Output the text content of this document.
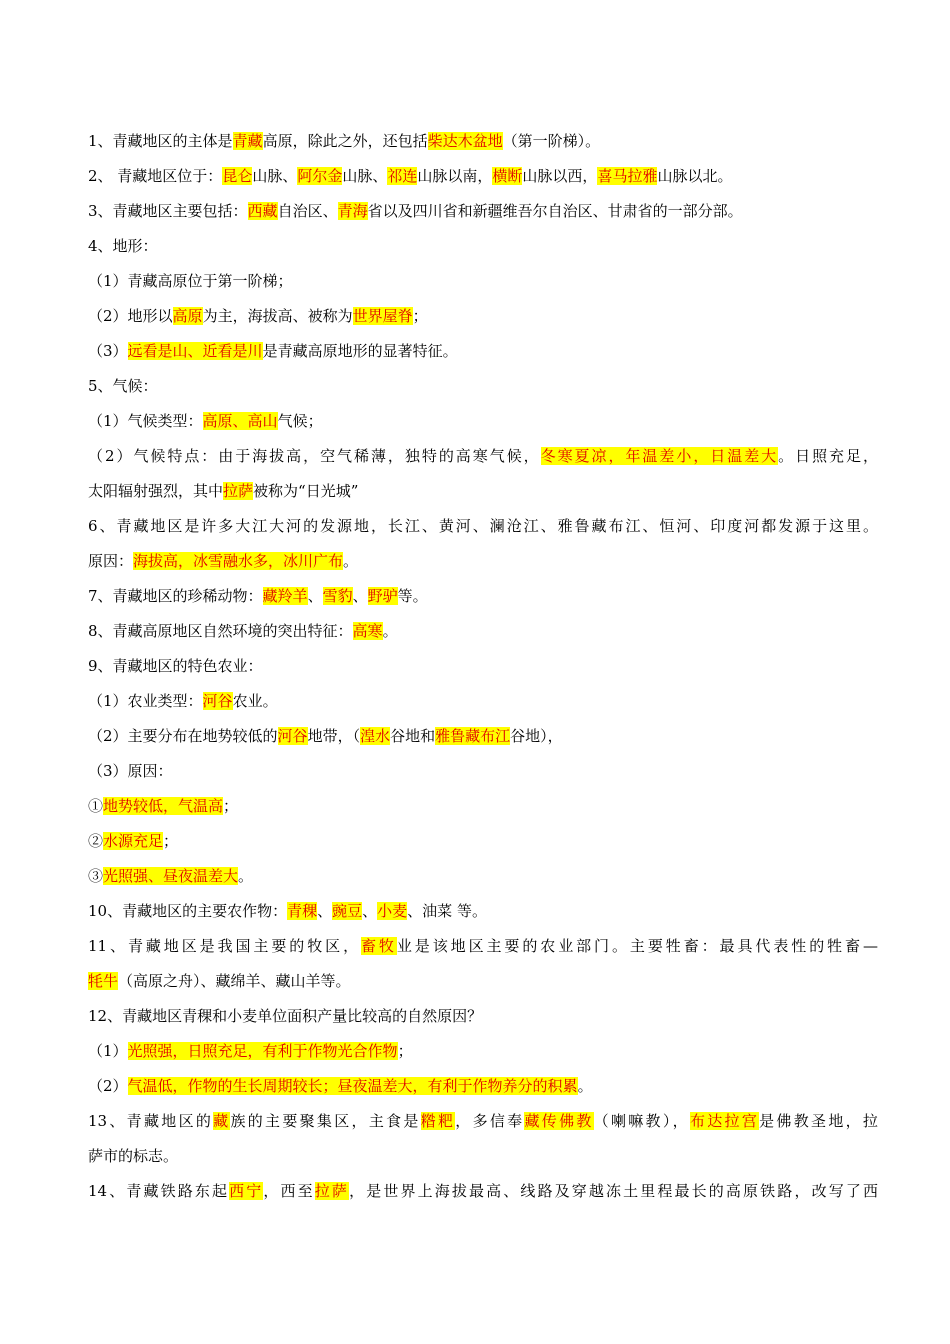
1、青藏地区的主体是青藏高原，除此之外，还包括柴达木盆地（第一阶梯）。
2、 青藏地区位于：昆仑山脉、阿尔金山脉、祁连山脉以南，横断山脉以西，喜马拉雅山脉以北。
3、青藏地区主要包括：西藏自治区、青海省以及四川省和新疆维吾尔自治区、甘肃省的一部分部。
4、地形：
（1）青藏高原位于第一阶梯；
（2）地形以高原为主，海拔高、被称为世界屋脊；
（3）远看是山、近看是川是青藏高原地形的显著特征。
5、气候：
（1）气候类型：高原、高山气候；
（2）气候特点：由于海拔高，空气稀薄，独特的高寒气候，冬寒夏凉，年温差小，日温差大。日照充足，
太阳辐射强烈，其中拉萨被称为“日光城”
6、青藏地区是许多大江大河的发源地，长江、黄河、澜沧江、雅鲁藏布江、恒河、印度河都发源于这里。
原因：海拔高，冰雪融水多，冰川广布。
7、青藏地区的珍稀动物：藏羚羊、雪豹、野驴等。
8、青藏高原地区自然环境的突出特征：高寒。
9、青藏地区的特色农业：
（1）农业类型：河谷农业。
（2）主要分布在地势较低的河谷地带，（湟水谷地和雅鲁藏布江谷地），
（3）原因：
①地势较低，气温高；
②水源充足；
③光照强、昼夜温差大。
10、青藏地区的主要农作物：青稞、豌豆、小麦、油菜 等。
11、青藏地区是我国主要的牧区，畜牧业是该地区主要的农业部门。主要牲畜：最具代表性的牲畜—
牦牛（高原之舟）、藏绵羊、藏山羊等。
12、青藏地区青稞和小麦单位面积产量比较高的自然原因？
（1）光照强，日照充足，有利于作物光合作物；
（2）气温低，作物的生长周期较长；昼夜温差大，有利于作物养分的积累。
13、青藏地区的藏族的主要聚集区，主食是糌粑，多信奉藏传佛教（喇嘛教），布达拉宫是佛教圣地，拉
萨市的标志。
14、青藏铁路东起西宁，西至拉萨，是世界上海拔最高、线路及穿越冻土里程最长的高原铁路，改写了西
